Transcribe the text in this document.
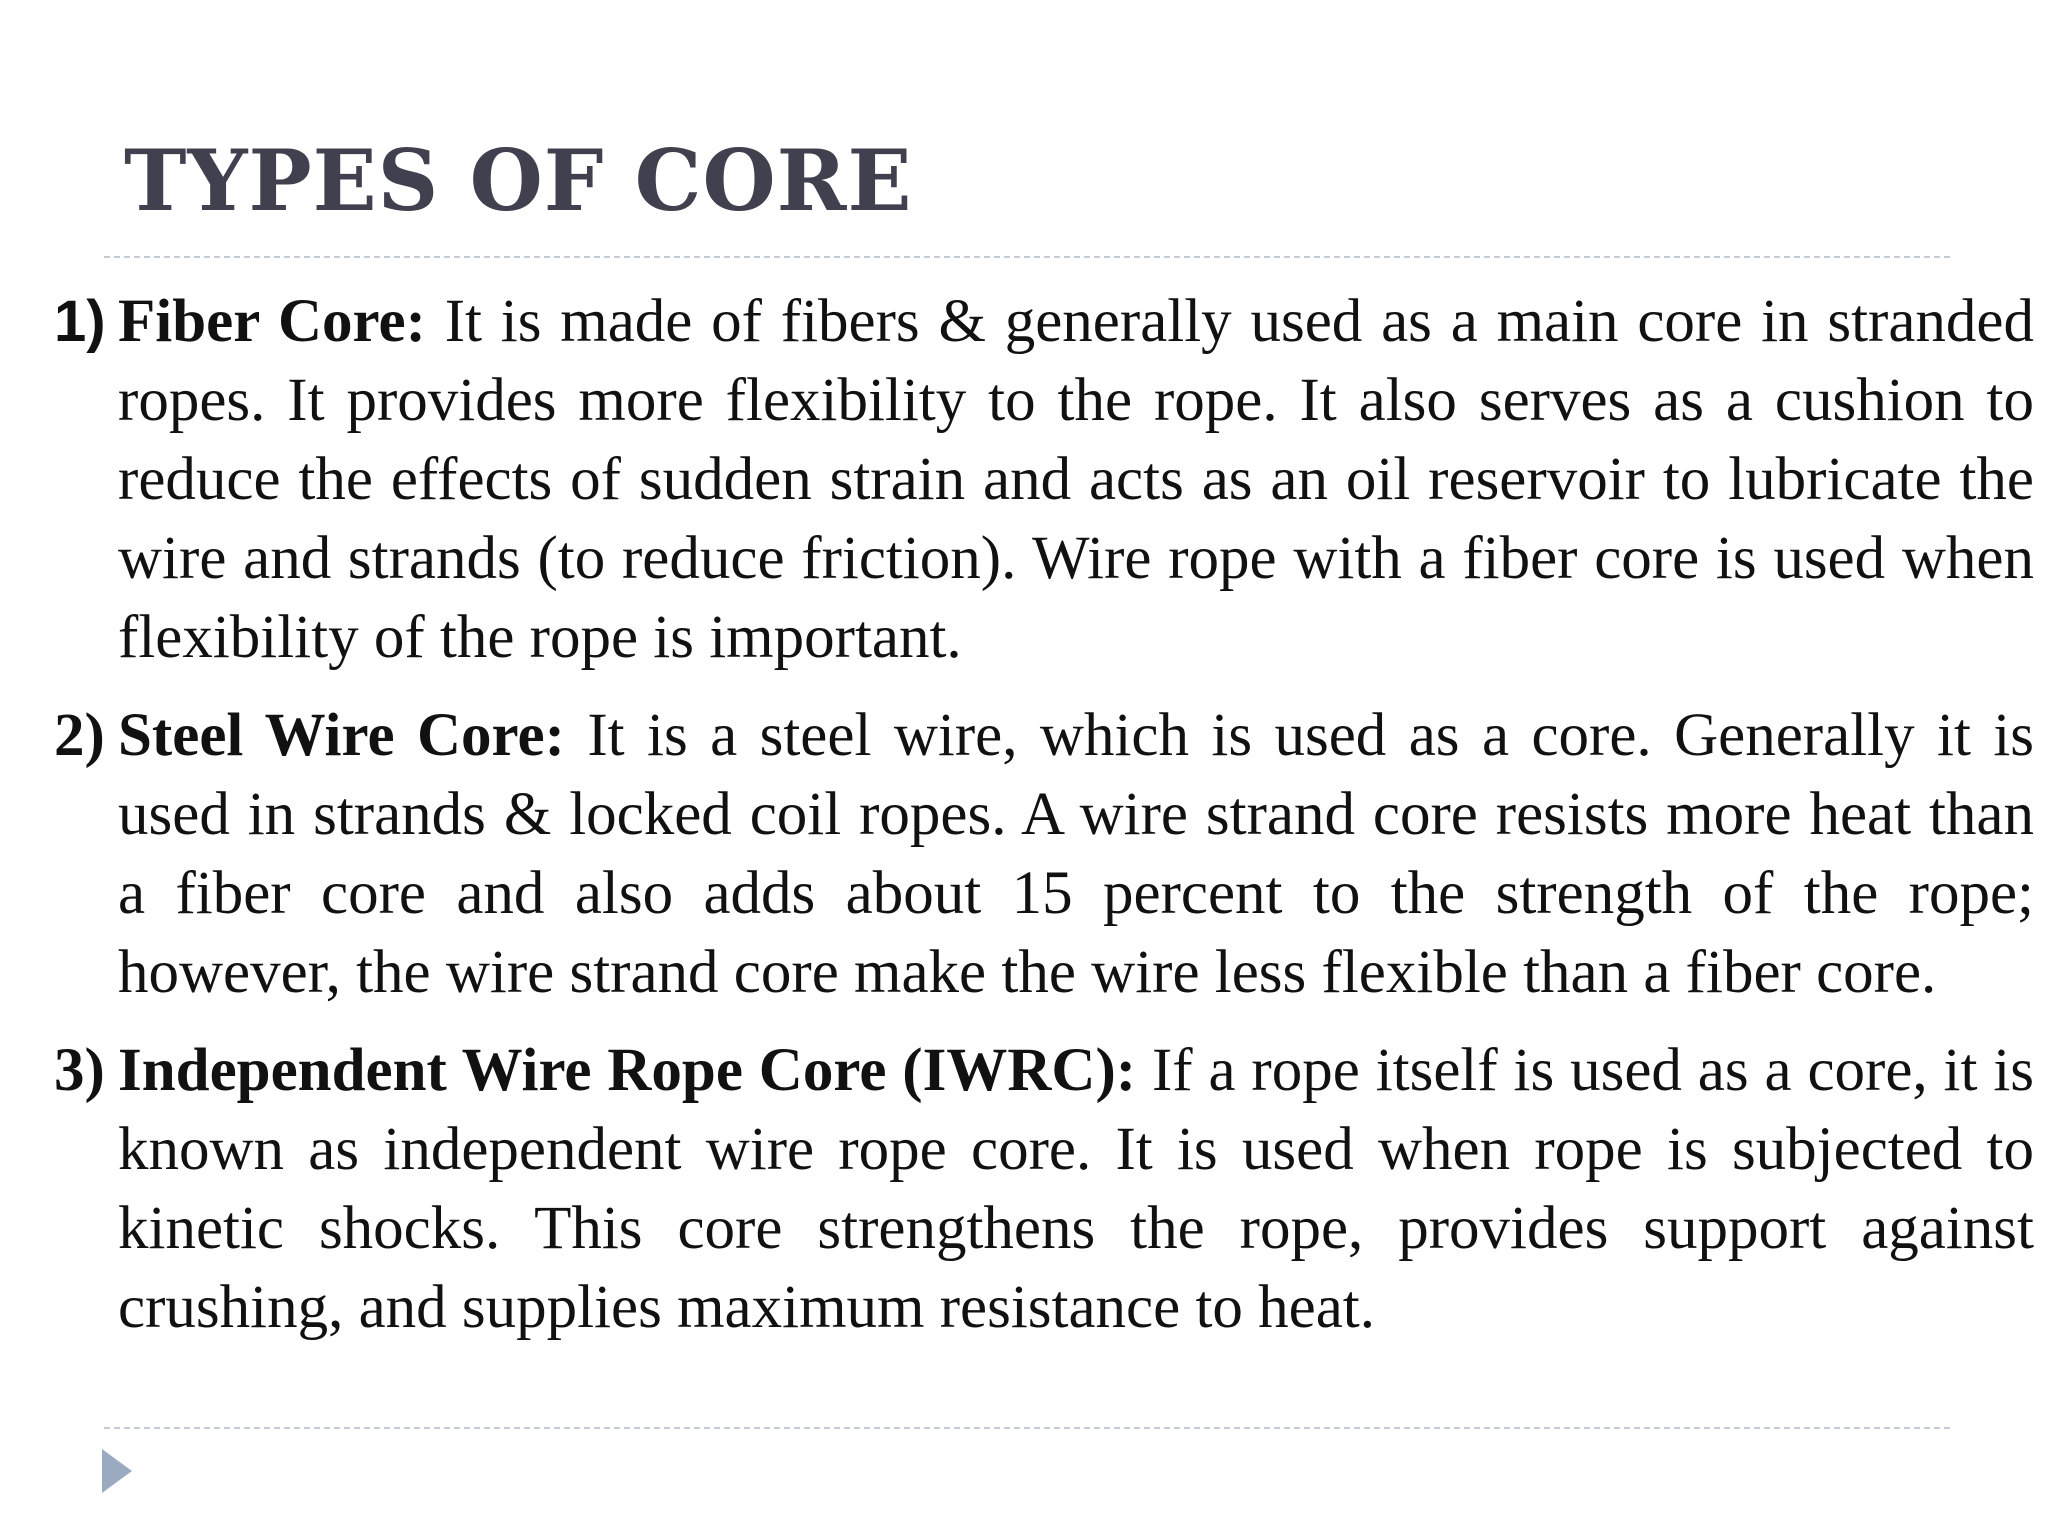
TYPES OF CORE

1) Fiber Core: It is made of fibers & generally used as a main core in stranded ropes. It provides more flexibility to the rope. It also serves as a cushion to reduce the effects of sudden strain and acts as an oil reservoir to lubricate the wire and strands (to reduce friction). Wire rope with a fiber core is used when flexibility of the rope is important.

2) Steel Wire Core: It is a steel wire, which is used as a core. Generally it is used in strands & locked coil ropes. A wire strand core resists more heat than a fiber core and also adds about 15 percent to the strength of the rope; however, the wire strand core make the wire less flexible than a fiber core.

3) Independent Wire Rope Core (IWRC): If a rope itself is used as a core, it is known as independent wire rope core. It is used when rope is subjected to kinetic shocks. This core strengthens the rope, provides support against crushing, and supplies maximum resistance to heat.
